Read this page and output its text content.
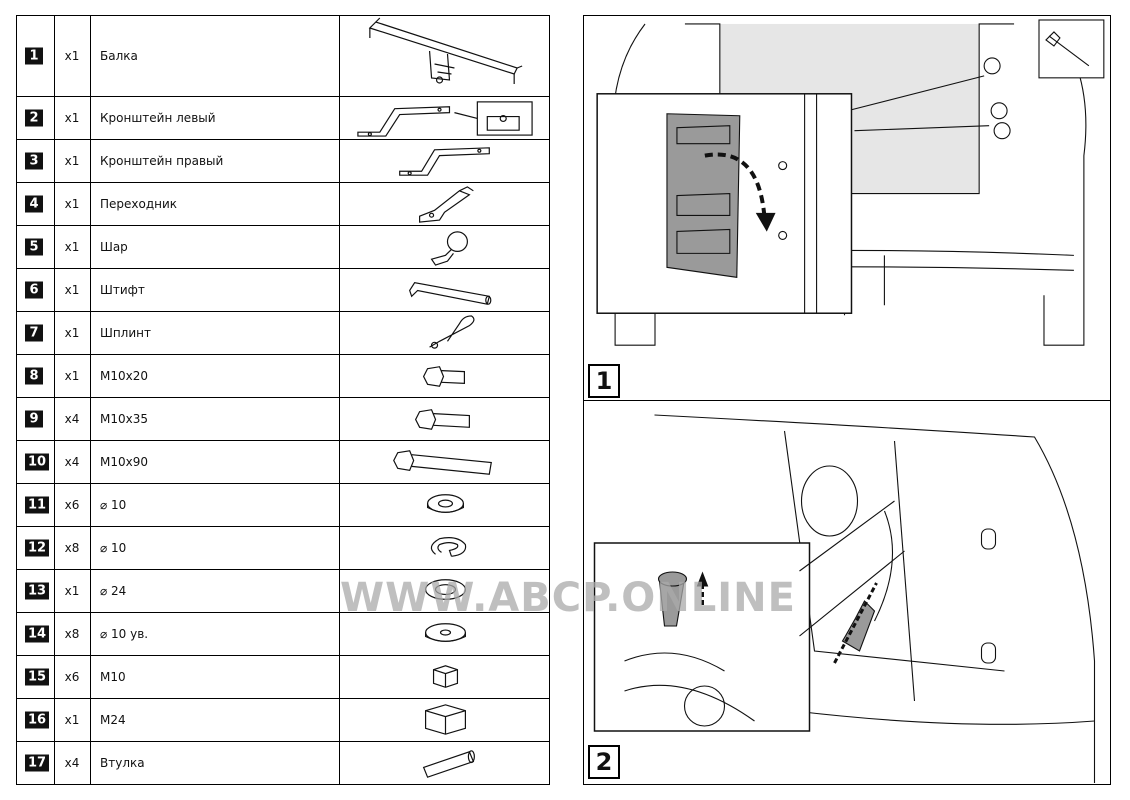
1	x1	Балка
2	x1	Кронштейн левый
3	x1	Кронштейн правый
4	x1	Переходник
5	x1	Шар
6	x1	Штифт
7	x1	Шплинт
8	x1	M10x20
9	x4	M10x35
10	x4	M10x90
11	x6	⌀ 10
12	x8	⌀ 10
13	x1	⌀ 24
14	x8	⌀ 10 ув.
15	x6	M10
16	x1	M24
17	x4	Втулка
1
2
WWW.ABCP.ONLINE
